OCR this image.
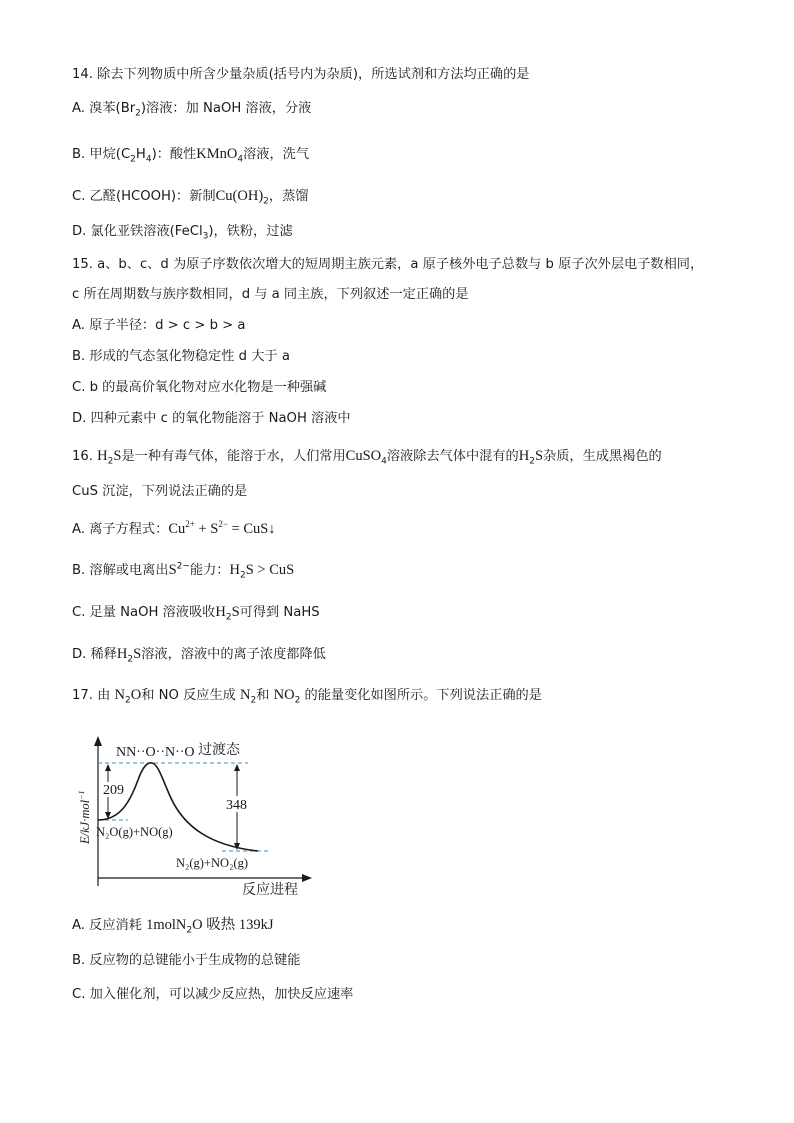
14. 除去下列物质中所含少量杂质(括号内为杂质)，所选试剂和方法均正确的是
A. 溴苯$(Br_2)$溶液：加 NaOH 溶液，分液
B. 甲烷$(C_2H_4)$：酸性KMnO$_4$溶液，洗气
C. 乙醛(HCOOH)：新制$Cu(OH)_2$，蒸馏
D. 氯化亚铁溶液(FeCl$_3$)，铁粉，过滤
15. a、b、c、d 为原子序数依次增大的短周期主族元素，a 原子核外电子总数与 b 原子次外层电子数相同，
c 所在周期数与族序数相同，d 与 a 同主族，下列叙述一定正确的是
A. 原子半径：d > c > b > a
B. 形成的气态氢化物稳定性 d 大于 a
C. b 的最高价氧化物对应水化物是一种强碱
D. 四种元素中 c 的氧化物能溶于 NaOH 溶液中
16. $H_2S$是一种有毒气体，能溶于水，人们常用CuSO$_4$溶液除去气体中混有的$H_2S$杂质，生成黑褐色的
CuS 沉淀，下列说法正确的是
A. 离子方程式：$Cu^{2+} + S^{2-}$ = CuS↓
B. 溶解或电离出$S^{2-}$能力：$H_2S$ > CuS
C. 足量 NaOH 溶液吸收$H_2S$可得到 NaHS
D. 稀释$H_2S$溶液，溶液中的离子浓度都降低
17. 由 $N_2O$和 NO 反应生成 $N_2$和 $NO_2$ 的能量变化如图所示。下列说法正确的是
209
348
NN··O··N··O 过渡态
N₂O(g)+NO(g)
N₂(g)+NO₂(g)
反应进程
E/kJ·mol$^{-1}$
A. 反应消耗 1molN$_2$O 吸热 139kJ
B. 反应物的总键能小于生成物的总键能
C. 加入催化剂，可以减少反应热，加快反应速率
